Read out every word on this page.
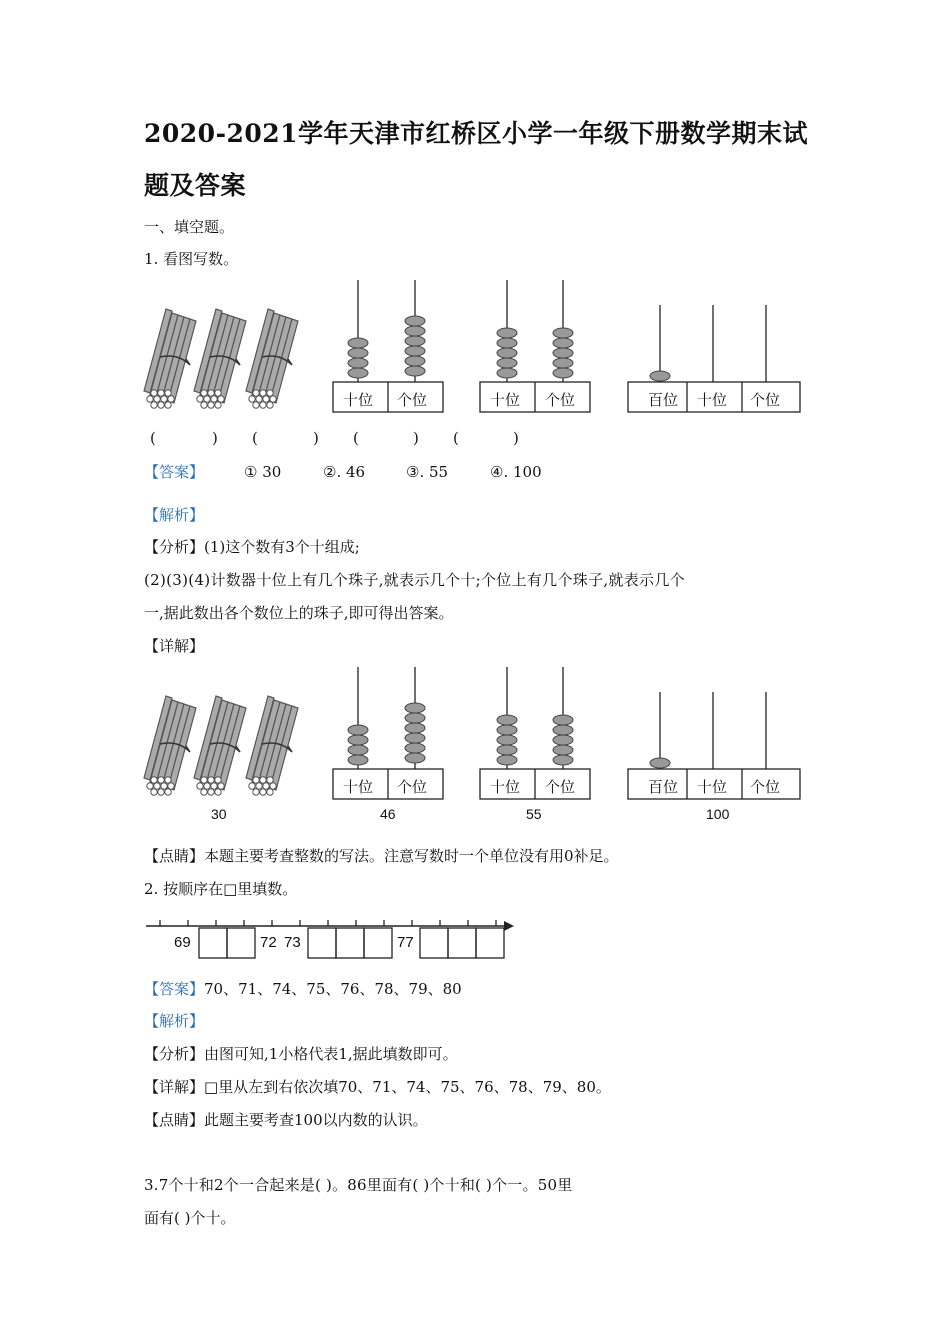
2020-2021学年天津市红桥区小学一年级下册数学期末试题及答案
一、填空题。
1. 看图写数。
十位 个位	十位 个位	百位 十位 个位
(	) (	) (	) (	)
【答案】	① 30	②. 46	③. 55	④. 100
【解析】
【分析】(1)这个数有3个十组成;
(2)(3)(4)计数器十位上有几个珠子,就表示几个十;个位上有几个珠子,就表示几个
一,据此数出各个数位上的珠子,即可得出答案。
【详解】
十位 个位	十位 个位	百位 十位 个位
30	46	55	100
【点睛】本题主要考查整数的写法。注意写数时一个单位没有用0补足。
2. 按顺序在□里填数。
69	72 73	77
【答案】70、71、74、75、76、78、79、80
【解析】
【分析】由图可知,1小格代表1,据此填数即可。
【详解】□里从左到右依次填70、71、74、75、76、78、79、80。
【点睛】此题主要考查100以内数的认识。
3.7个十和2个一合起来是( )。86里面有( )个十和( )个一。50里
面有( )个十。
